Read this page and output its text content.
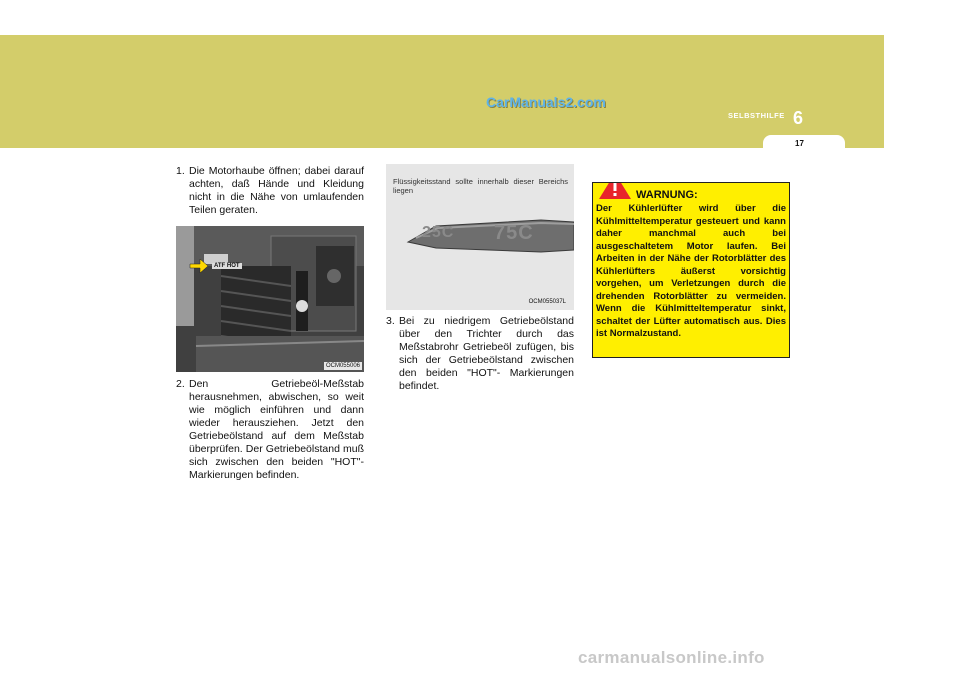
CarManuals2.com
SELBSTHILFE 6
17
1. Die Motorhaube öffnen; dabei darauf achten, daß Hände und Kleidung nicht in die Nähe von umlaufenden Teilen geraten.
ATF HOT
OCM055006
2. Den Getriebeöl-Meßstab herausnehmen, abwischen, so weit wie möglich einführen und dann wieder herausziehen. Jetzt den Getriebeölstand auf dem Meßstab überprüfen. Der Getriebeölstand muß sich zwischen den beiden "HOT"- Markierungen befinden.
Flüssigkeitsstand sollte innerhalb dieser Bereichs liegen
25C 75C
OCM055037L
3. Bei zu niedrigem Getriebeölstand über den Trichter durch das Meßstabrohr Getriebeöl zufügen, bis sich der Getriebeölstand zwischen den beiden "HOT"- Markierungen befindet.
WARNUNG:
Der Kühlerlüfter wird über die Kühlmitteltemperatur gesteuert und kann daher manchmal auch bei ausgeschaltetem Motor laufen. Bei Arbeiten in der Nähe der Rotorblätter des Kühlerlüfters äußerst vorsichtig vorgehen, um Verletzungen durch die drehenden Rotorblätter zu vermeiden. Wenn die Kühlmitteltemperatur sinkt, schaltet der Lüfter automatisch aus. Dies ist Normalzustand.
carmanualsonline.info
